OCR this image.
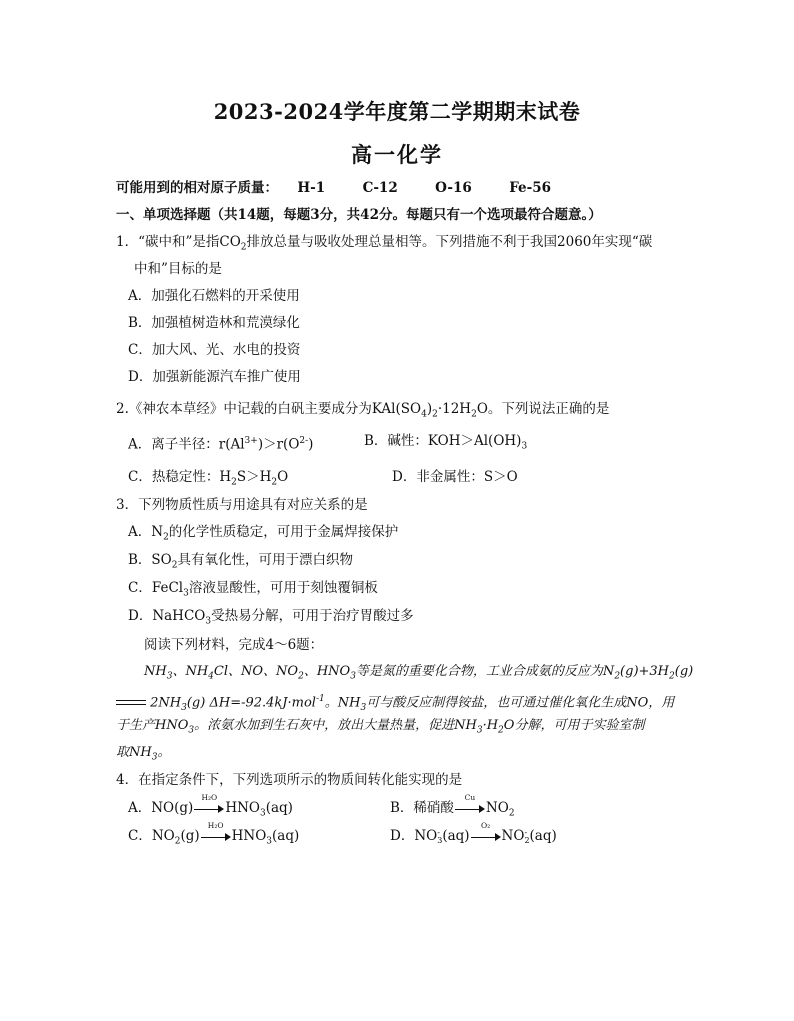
2023-2024学年度第二学期期末试卷
高一化学
可能用到的相对原子质量： H-1	C-12	O-16	Fe-56
一、单项选择题（共14题，每题3分，共42分。每题只有一个选项最符合题意。）
1．“碳中和”是指$CO_2$排放总量与吸收处理总量相等。下列措施不利于我国2060年实现“碳
中和”目标的是
A．加强化石燃料的开采使用
B．加强植树造林和荒漠绿化
C．加大风、光、水电的投资
D．加强新能源汽车推广使用
2.《神农本草经》中记载的白矾主要成分为$KAl(SO_4)_2\cdot 12H_2O$。下列说法正确的是
A．离子半径：$r(Al^{3+})>r(O^{2-})$	B．碱性：$KOH>Al(OH)_3$
C．热稳定性：$H_2S>H_2O$	D．非金属性：S＞O
3．下列物质性质与用途具有对应关系的是
A．$N_2$的化学性质稳定，可用于金属焊接保护
B．$SO_2$具有氧化性，可用于漂白织物
C．FeCl$_3$溶液显酸性，可用于刻蚀覆铜板
D．NaHCO$_3$受热易分解，可用于治疗胃酸过多
阅读下列材料，完成4～6题：
$NH_3$、$NH_4Cl$、NO、$NO_2$、$HNO_3$等是氮的重要化合物，工业合成氨的反应为$N_2(g)+3H_2(g)$
$2NH_3(g)$ ΔH=-92.4kJ·mol$^{-1}$。$NH_3$可与酸反应制得铵盐，也可通过催化氧化生成NO，用
于生产$HNO_3$。浓氨水加到生石灰中，放出大量热量，促进$NH_3\cdot H_2O$分解，可用于实验室制
取$NH_3$。
4．在指定条件下，下列选项所示的物质间转化能实现的是
A．NO(g)
H₂O
$HNO_3(aq)$	B．稀硝酸
Cu
$NO_2$
C．$NO_2(g)$
H₂O
$HNO_3(aq)$	D．NO -
3 (aq)
O₂
NO -
2 (aq)
